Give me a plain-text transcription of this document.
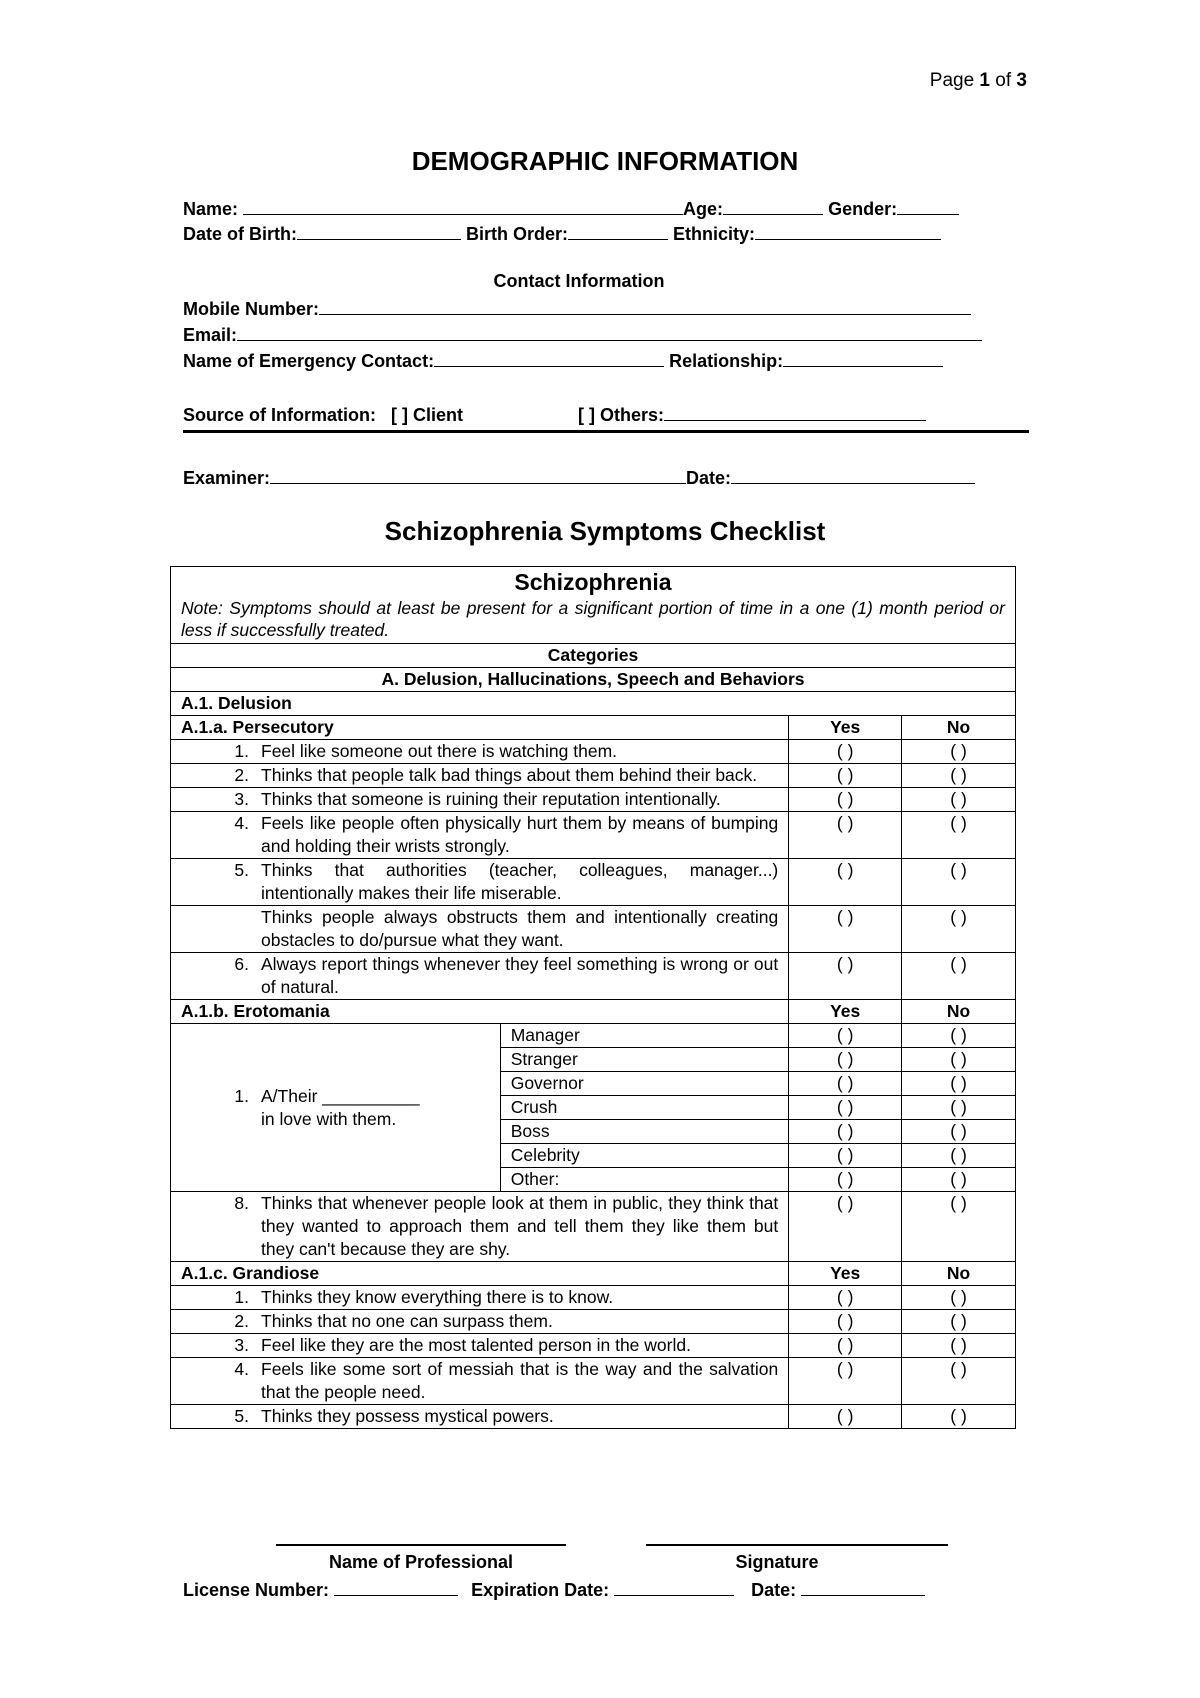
Page 1 of 3
DEMOGRAPHIC INFORMATION
Name:	Age:	Gender:
Date of Birth:	Birth Order:	Ethnicity:
Contact Information
Mobile Number:
Email:
Name of Emergency Contact:	Relationship:
Source of Information: [ ] Client	[ ] Others:
Examiner:	Date:
Schizophrenia Symptoms Checklist
Schizophrenia
Note: Symptoms should at least be present for a significant portion of time in a one (1) month period or less if successfully treated.			

Categories			
A. Delusion, Hallucinations, Speech and Behaviors			
A.1. Delusion			
A.1.a. Persecutory		Yes	No

1. Feel like someone out there is watching them.		( )	( )

2. Thinks that people talk bad things about them behind their back.		( )	( )

3. Thinks that someone is ruining their reputation intentionally.		( )	( )

4. Feels like people often physically hurt them by means of bumping and holding their wrists strongly.		( )	( )

5. Thinks that authorities (teacher, colleagues, manager...) intentionally makes their life miserable.		( )	( )

Thinks people always obstructs them and intentionally creating obstacles to do/pursue what they want.		( )	( )

6. Always report things whenever they feel something is wrong or out of natural.		( )	( )
A.1.b. Erotomania		Yes	No

1. A/Their __________
in love with them.	Manager	( )	( )
	Stranger	( )	( )
	Governor	( )	( )
	Crush	( )	( )
	Boss	( )	( )
	Celebrity	( )	( )
	Other:	( )	( )

8. Thinks that whenever people look at them in public, they think that they wanted to approach them and tell them they like them but they can't because they are shy.		( )	( )
A.1.c. Grandiose		Yes	No

1. Thinks they know everything there is to know.		( )	( )

2. Thinks that no one can surpass them.		( )	( )

3. Feel like they are the most talented person in the world.		( )	( )

4. Feels like some sort of messiah that is the way and the salvation that the people need.		( )	( )

5. Thinks they possess mystical powers.		( )	( )
Name of Professional	Signature
License Number:	Expiration Date:	Date:
